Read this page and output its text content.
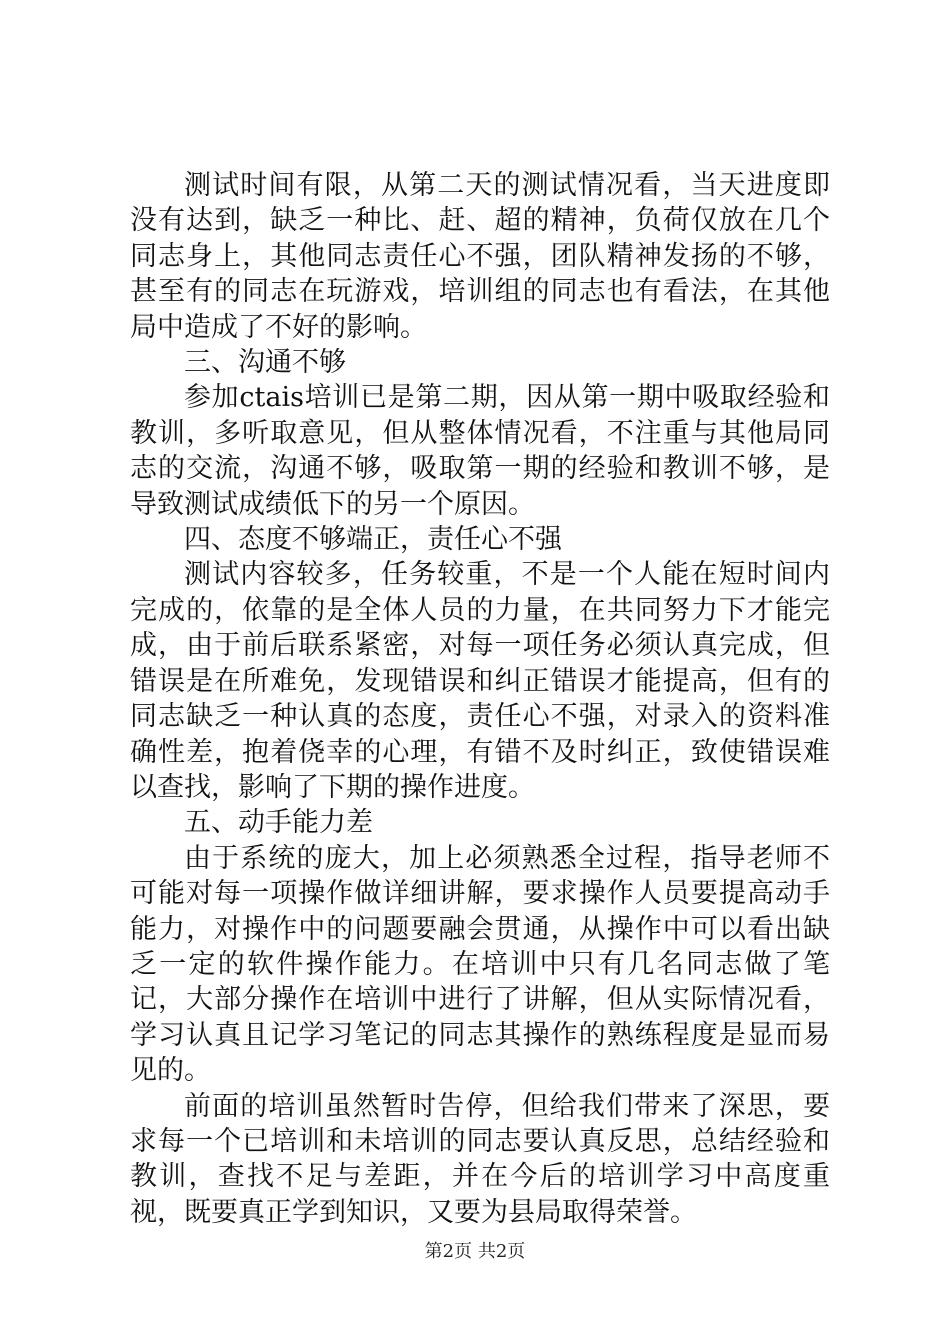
测试时间有限，从第二天的测试情况看，当天进度即没有达到，缺乏一种比、赶、超的精神，负荷仅放在几个同志身上，其他同志责任心不强，团队精神发扬的不够，甚至有的同志在玩游戏，培训组的同志也有看法，在其他局中造成了不好的影响。

三、沟通不够

参加ctais培训已是第二期，因从第一期中吸取经验和教训，多听取意见，但从整体情况看，不注重与其他局同志的交流，沟通不够，吸取第一期的经验和教训不够，是导致测试成绩低下的另一个原因。

四、态度不够端正，责任心不强

测试内容较多，任务较重，不是一个人能在短时间内完成的，依靠的是全体人员的力量，在共同努力下才能完成，由于前后联系紧密，对每一项任务必须认真完成，但错误是在所难免，发现错误和纠正错误才能提高，但有的同志缺乏一种认真的态度，责任心不强，对录入的资料准确性差，抱着侥幸的心理，有错不及时纠正，致使错误难以查找，影响了下期的操作进度。

五、动手能力差

由于系统的庞大，加上必须熟悉全过程，指导老师不可能对每一项操作做详细讲解，要求操作人员要提高动手能力，对操作中的问题要融会贯通，从操作中可以看出缺乏一定的软件操作能力。在培训中只有几名同志做了笔记，大部分操作在培训中进行了讲解，但从实际情况看，学习认真且记学习笔记的同志其操作的熟练程度是显而易见的。

前面的培训虽然暂时告停，但给我们带来了深思，要求每一个已培训和未培训的同志要认真反思，总结经验和教训，查找不足与差距，并在今后的培训学习中高度重视，既要真正学到知识，又要为县局取得荣誉。

第2页 共2页
